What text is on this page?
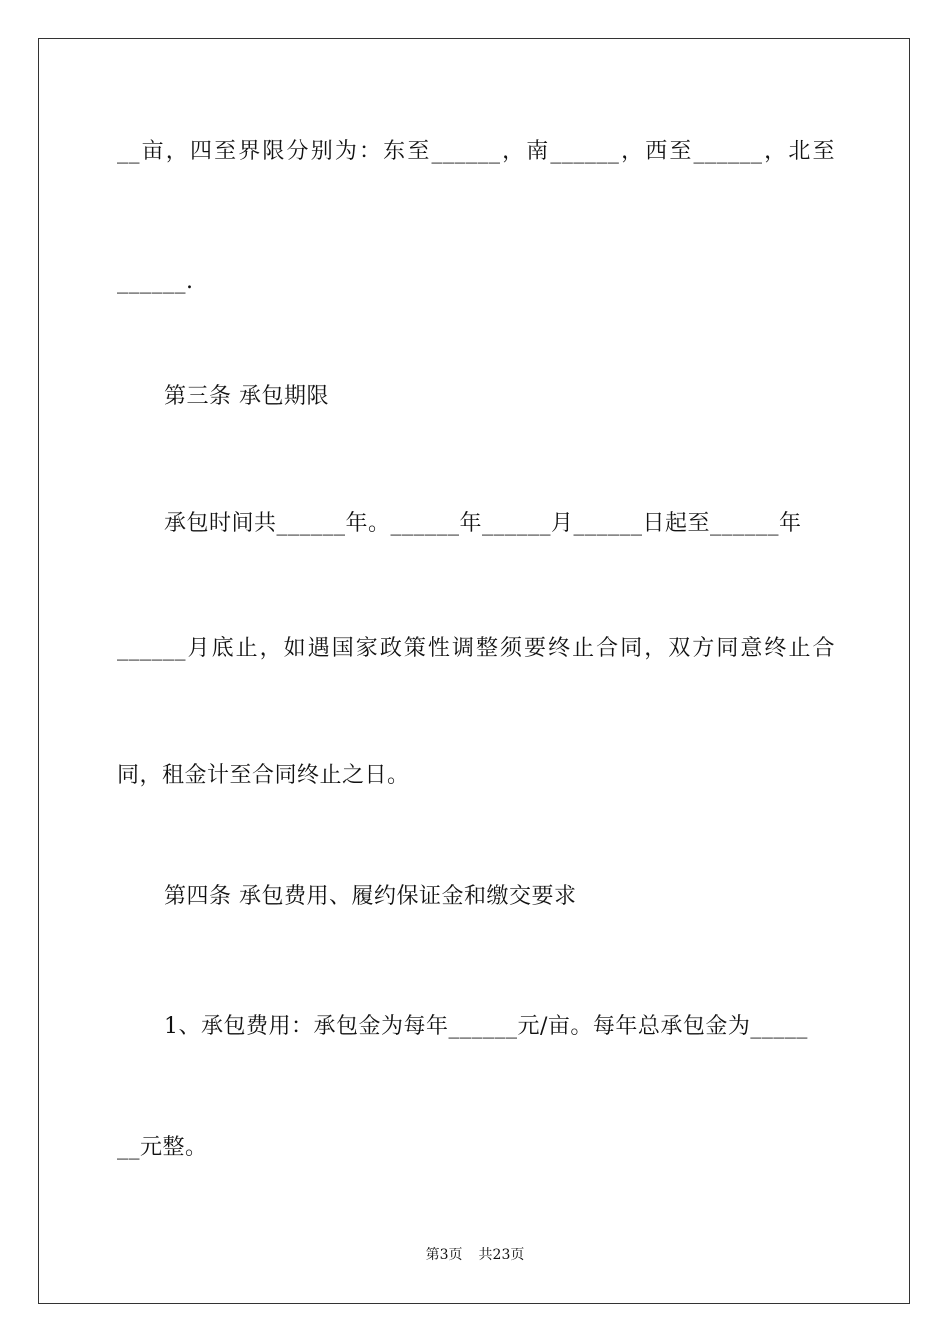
__亩，四至界限分别为：东至______，南______，西至______，北至
______.
第三条 承包期限
承包时间共______年。______年______月______日起至______年
______月底止，如遇国家政策性调整须要终止合同，双方同意终止合
同，租金计至合同终止之日。
第四条 承包费用、履约保证金和缴交要求
1、承包费用：承包金为每年______元/亩。每年总承包金为_____
__元整。
第3页 共23页
